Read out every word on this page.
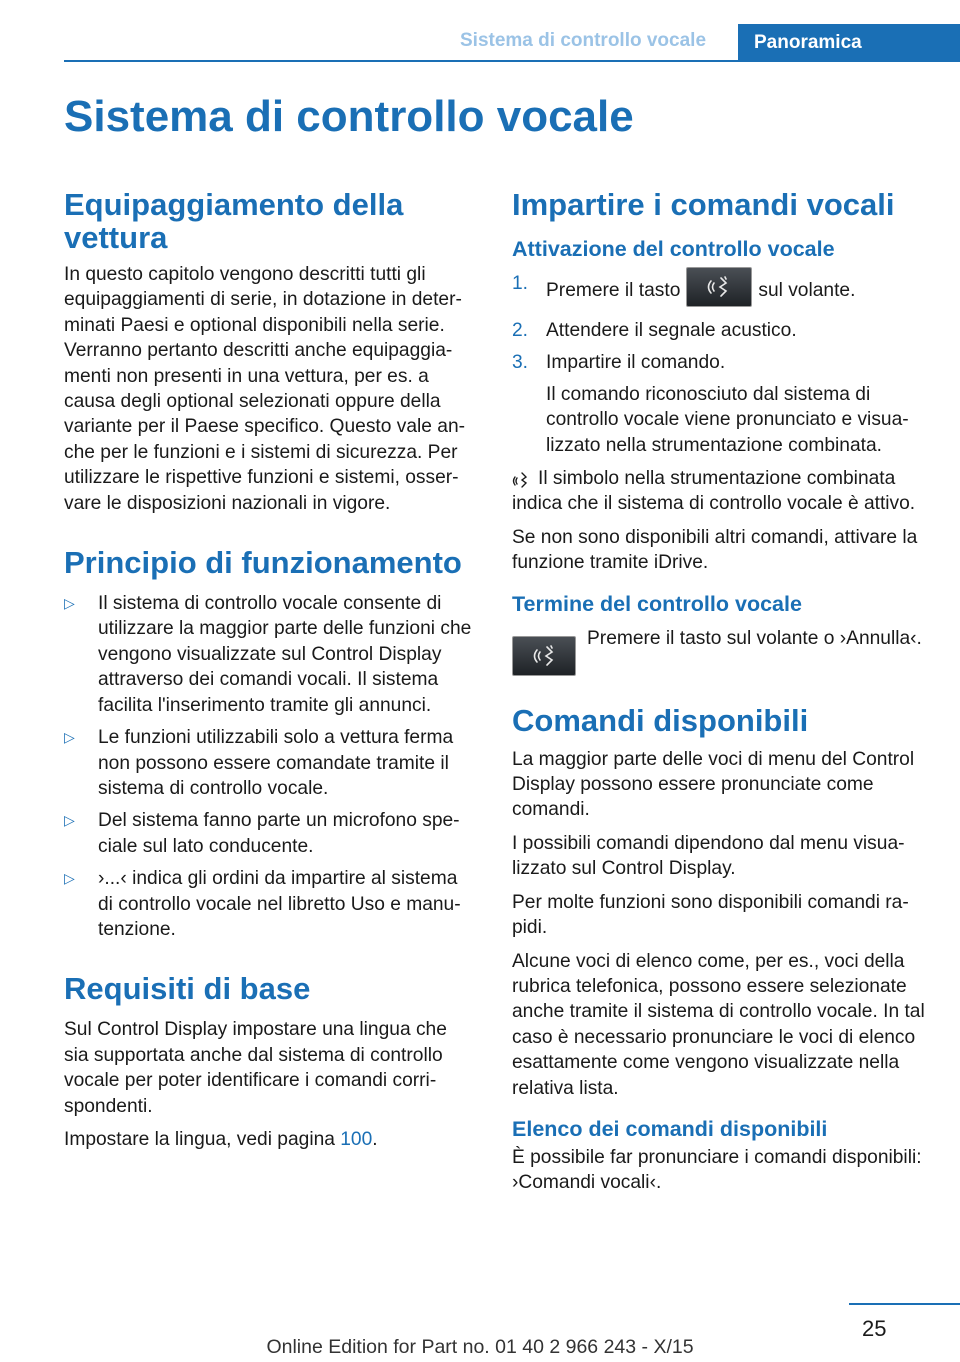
Sistema di controllo vocale	Panoramica
Sistema di controllo vocale
Equipaggiamento della vettura

In questo capitolo vengono descritti tutti gli equipaggiamenti di serie, in dotazione in determinati Paesi e optional disponibili nella serie. Verranno pertanto descritti anche equipaggiamenti non presenti in una vettura, per es. a causa degli optional selezionati oppure della variante per il Paese specifico. Questo vale anche per le funzioni e i sistemi di sicurezza. Per utilizzare le rispettive funzioni e sistemi, osservare le disposizioni nazionali in vigore.

Principio di funzionamento
▷ Il sistema di controllo vocale consente di utilizzare la maggior parte delle funzioni che vengono visualizzate sul Control Display attraverso dei comandi vocali. Il sistema facilita l'inserimento tramite gli annunci.
▷ Le funzioni utilizzabili solo a vettura ferma non possono essere comandate tramite il sistema di controllo vocale.
▷ Del sistema fanno parte un microfono speciale sul lato conducente.
▷ ›...‹ indica gli ordini da impartire al sistema di controllo vocale nel libretto Uso e manutenzione.
Requisiti di base

Sul Control Display impostare una lingua che sia supportata anche dal sistema di controllo vocale per poter identificare i comandi corrispondenti.

Impostare la lingua, vedi pagina 100.

Impartire i comandi vocali
Attivazione del controllo vocale
1. Premere il tasto	sul volante.
2. Attendere il segnale acustico.
3. Impartire il comando.
Il comando riconosciuto dal sistema di controllo vocale viene pronunciato e visualizzato nella strumentazione combinata.

Il simbolo nella strumentazione combinata indica che il sistema di controllo vocale è attivo.

Se non sono disponibili altri comandi, attivare la funzione tramite iDrive.

Termine del controllo vocale

Premere il tasto sul volante o ›Annulla‹.

Comandi disponibili

La maggior parte delle voci di menu del Control Display possono essere pronunciate come comandi.

I possibili comandi dipendono dal menu visualizzato sul Control Display.

Per molte funzioni sono disponibili comandi rapidi.

Alcune voci di elenco come, per es., voci della rubrica telefonica, possono essere selezionate anche tramite il sistema di controllo vocale. In tal caso è necessario pronunciare le voci di elenco esattamente come vengono visualizzate nella relativa lista.

Elenco dei comandi disponibili

È possibile far pronunciare i comandi disponibili: ›Comandi vocali‹.

25
Online Edition for Part no. 01 40 2 966 243 - X/15
